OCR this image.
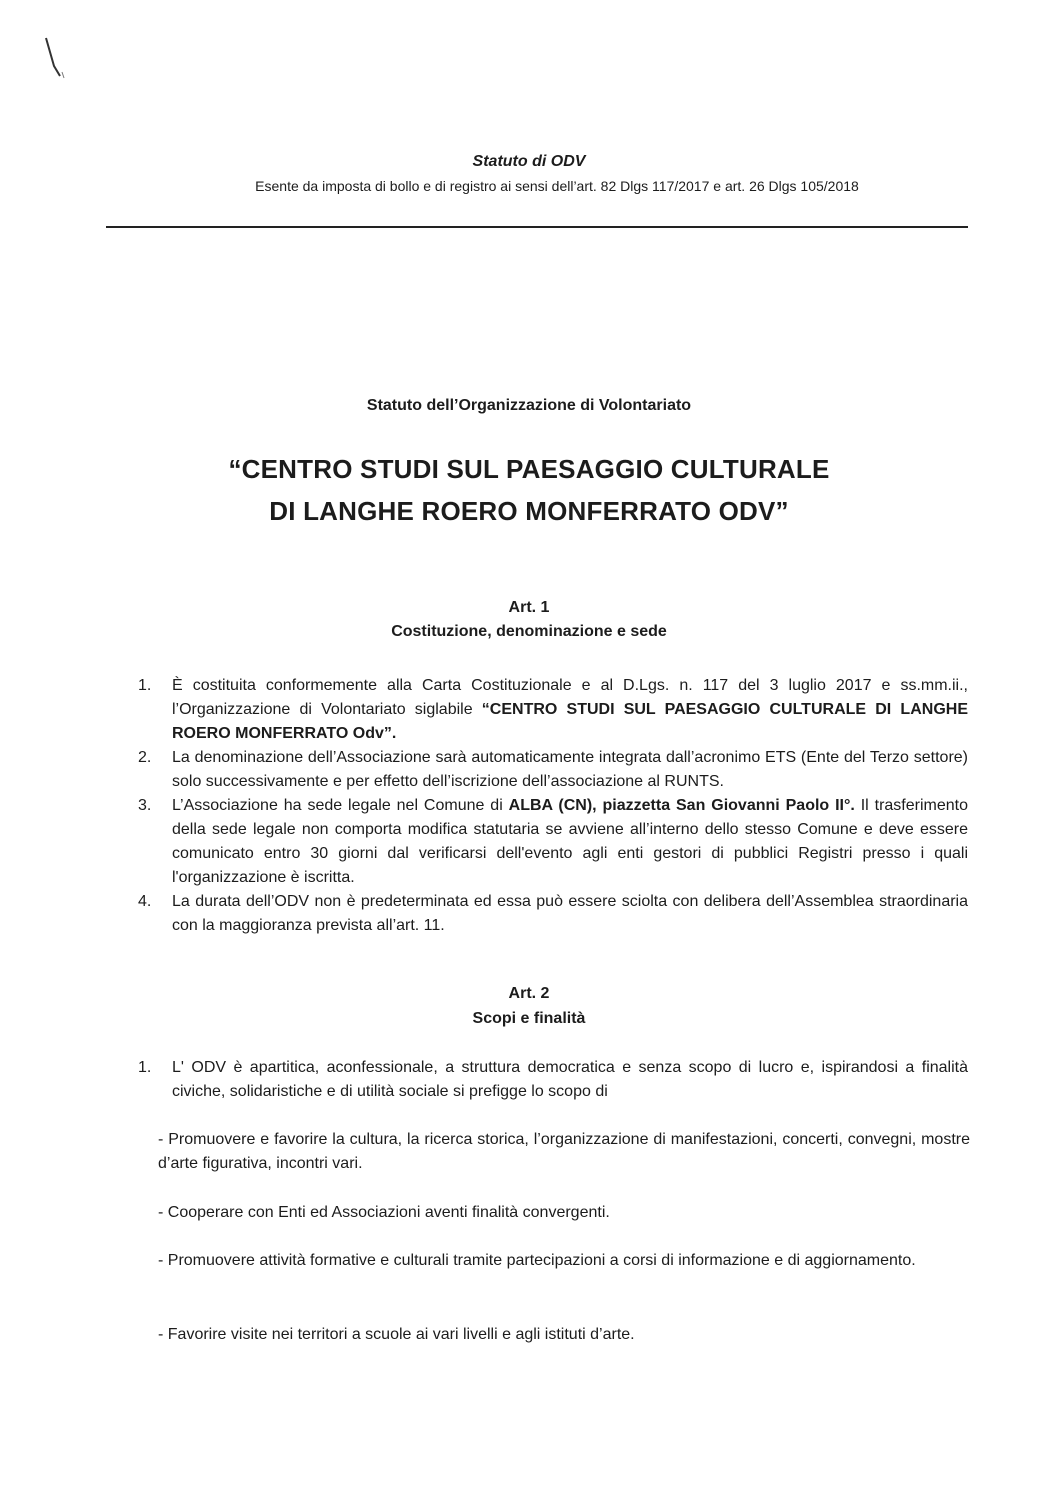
Statuto di ODV
Esente da imposta di bollo e di registro ai sensi dell’art. 82 Dlgs 117/2017 e art. 26 Dlgs 105/2018
Statuto dell’Organizzazione di Volontariato
“CENTRO STUDI SUL PAESAGGIO CULTURALE
DI LANGHE ROERO MONFERRATO ODV”
Art. 1
Costituzione, denominazione e sede
1.	È costituita conformemente alla Carta Costituzionale e al D.Lgs. n. 117 del 3 luglio 2017 e ss.mm.ii., l’Organizzazione di Volontariato siglabile “CENTRO STUDI SUL PAESAGGIO CULTURALE DI LANGHE ROERO MONFERRATO Odv”.
2.	La denominazione dell’Associazione sarà automaticamente integrata dall’acronimo ETS (Ente del Terzo settore) solo successivamente e per effetto dell’iscrizione dell’associazione al RUNTS.
3.	L’Associazione ha sede legale nel Comune di ALBA (CN), piazzetta San Giovanni Paolo II°. Il trasferimento della sede legale non comporta modifica statutaria se avviene all’interno dello stesso Comune e deve essere comunicato entro 30 giorni dal verificarsi dell'evento agli enti gestori di pubblici Registri presso i quali l'organizzazione è iscritta.
4.	La durata dell’ODV non è predeterminata ed essa può essere sciolta con delibera dell’Assemblea straordinaria con la maggioranza prevista all’art. 11.
Art. 2
Scopi e finalità
1.	L' ODV è apartitica, aconfessionale, a struttura democratica e senza scopo di lucro e, ispirandosi a finalità civiche, solidaristiche e di utilità sociale si prefigge lo scopo di

- Promuovere e favorire la cultura, la ricerca storica, l’organizzazione di manifestazioni, concerti, convegni, mostre d’arte figurativa, incontri vari.

- Cooperare con Enti ed Associazioni aventi finalità convergenti.

- Promuovere attività formative e culturali tramite partecipazioni a corsi di informazione e di aggiornamento.

- Favorire visite nei territori a scuole ai vari livelli e agli istituti d’arte.
